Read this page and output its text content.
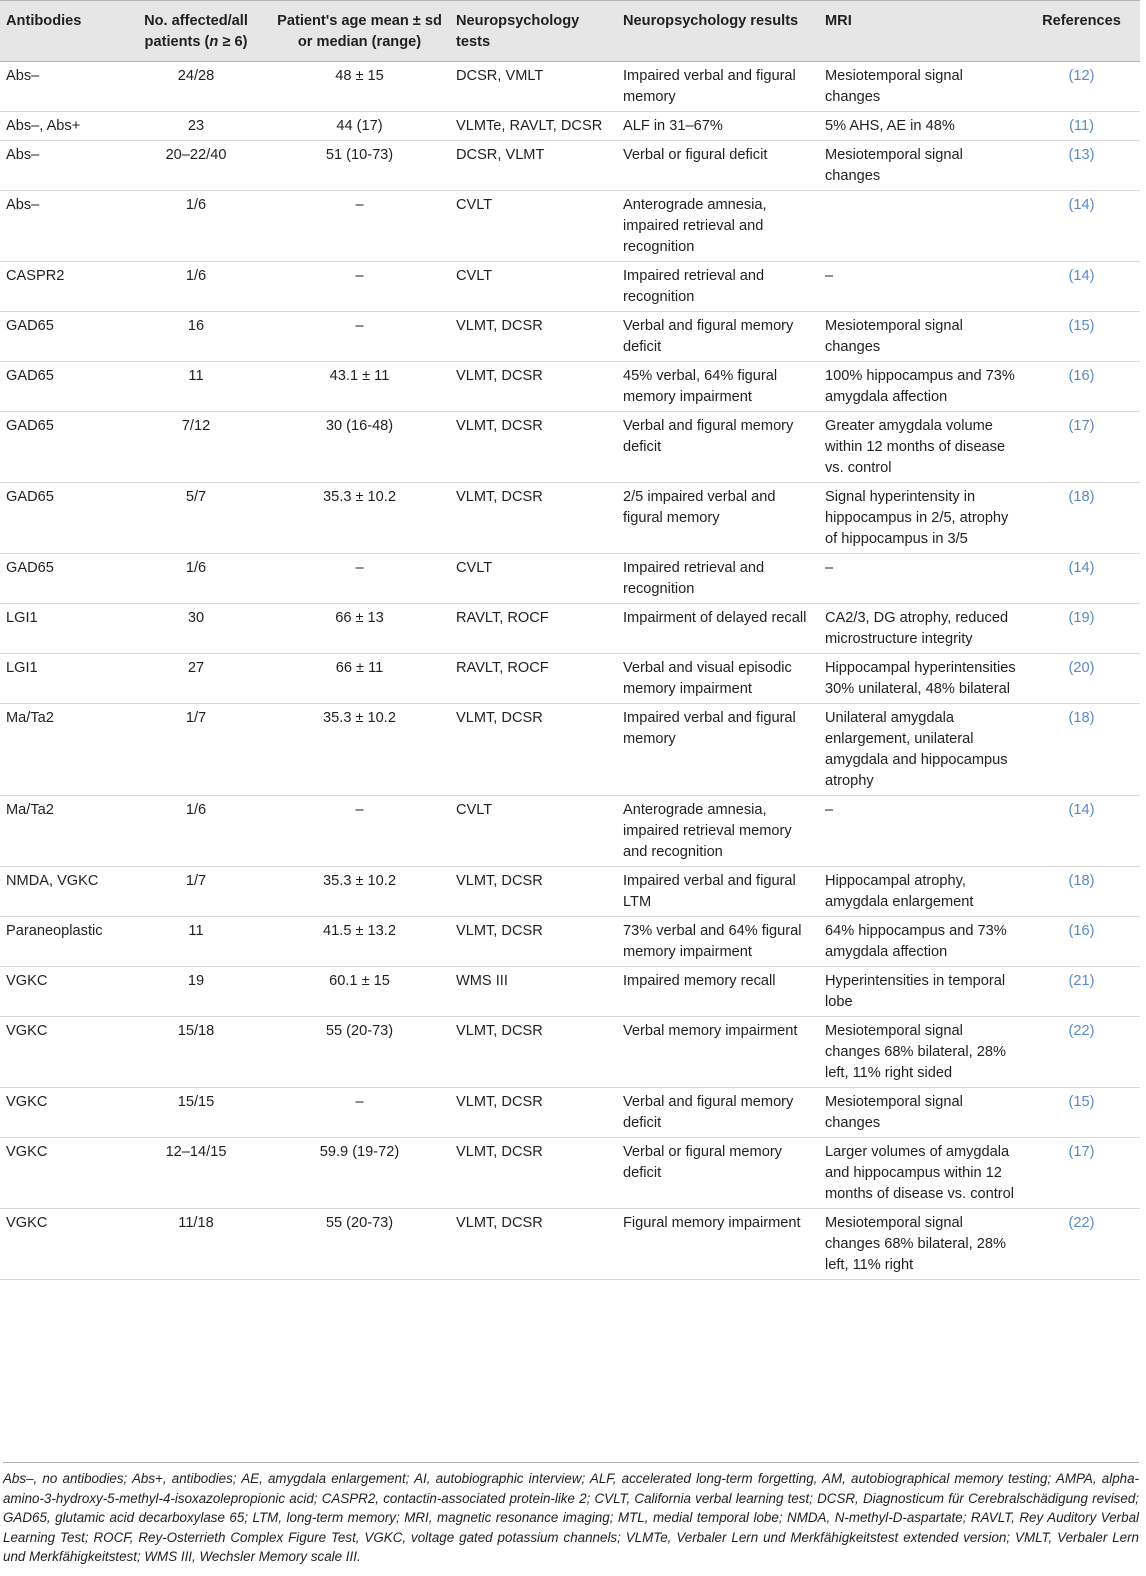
Antibodies	No. affected/all patients (n ≥ 6)	Patient's age mean ± sd or median (range)	Neuropsychology tests	Neuropsychology results	MRI	References
Abs–	24/28	48 ± 15	DCSR, VMLT	Impaired verbal and figural memory	Mesiotemporal signal changes	(12)
Abs–, Abs+	23	44 (17)	VLMTe, RAVLT, DCSR	ALF in 31–67%	5% AHS, AE in 48%	(11)
Abs–	20–22/40	51 (10-73)	DCSR, VLMT	Verbal or figural deficit	Mesiotemporal signal changes	(13)
Abs–	1/6	–	CVLT	Anterograde amnesia, impaired retrieval and recognition		(14)
CASPR2	1/6	–	CVLT	Impaired retrieval and recognition	–	(14)
GAD65	16	–	VLMT, DCSR	Verbal and figural memory deficit	Mesiotemporal signal changes	(15)
GAD65	11	43.1 ± 11	VLMT, DCSR	45% verbal, 64% figural memory impairment	100% hippocampus and 73% amygdala affection	(16)
GAD65	7/12	30 (16-48)	VLMT, DCSR	Verbal and figural memory deficit	Greater amygdala volume within 12 months of disease vs. control	(17)
GAD65	5/7	35.3 ± 10.2	VLMT, DCSR	2/5 impaired verbal and figural memory	Signal hyperintensity in hippocampus in 2/5, atrophy of hippocampus in 3/5	(18)
GAD65	1/6	–	CVLT	Impaired retrieval and recognition	–	(14)
LGI1	30	66 ± 13	RAVLT, ROCF	Impairment of delayed recall	CA2/3, DG atrophy, reduced microstructure integrity	(19)
LGI1	27	66 ± 11	RAVLT, ROCF	Verbal and visual episodic memory impairment	Hippocampal hyperintensities 30% unilateral, 48% bilateral	(20)
Ma/Ta2	1/7	35.3 ± 10.2	VLMT, DCSR	Impaired verbal and figural memory	Unilateral amygdala enlargement, unilateral amygdala and hippocampus atrophy	(18)
Ma/Ta2	1/6	–	CVLT	Anterograde amnesia, impaired retrieval memory and recognition	–	(14)
NMDA, VGKC	1/7	35.3 ± 10.2	VLMT, DCSR	Impaired verbal and figural LTM	Hippocampal atrophy, amygdala enlargement	(18)
Paraneoplastic	11	41.5 ± 13.2	VLMT, DCSR	73% verbal and 64% figural memory impairment	64% hippocampus and 73% amygdala affection	(16)
VGKC	19	60.1 ± 15	WMS III	Impaired memory recall	Hyperintensities in temporal lobe	(21)
VGKC	15/18	55 (20-73)	VLMT, DCSR	Verbal memory impairment	Mesiotemporal signal changes 68% bilateral, 28% left, 11% right sided	(22)
VGKC	15/15	–	VLMT, DCSR	Verbal and figural memory deficit	Mesiotemporal signal changes	(15)
VGKC	12–14/15	59.9 (19-72)	VLMT, DCSR	Verbal or figural memory deficit	Larger volumes of amygdala and hippocampus within 12 months of disease vs. control	(17)
VGKC	11/18	55 (20-73)	VLMT, DCSR	Figural memory impairment	Mesiotemporal signal changes 68% bilateral, 28% left, 11% right	(22)
Abs–, no antibodies; Abs+, antibodies; AE, amygdala enlargement; AI, autobiographic interview; ALF, accelerated long-term forgetting, AM, autobiographical memory testing; AMPA, alpha-amino-3-hydroxy-5-methyl-4-isoxazolepropionic acid; CASPR2, contactin-associated protein-like 2; CVLT, California verbal learning test; DCSR, Diagnosticum für Cerebralschädigung revised; GAD65, glutamic acid decarboxylase 65; LTM, long-term memory; MRI, magnetic resonance imaging; MTL, medial temporal lobe; NMDA, N-methyl-D-aspartate; RAVLT, Rey Auditory Verbal Learning Test; ROCF, Rey-Osterrieth Complex Figure Test, VGKC, voltage gated potassium channels; VLMTe, Verbaler Lern und Merkfähigkeitstest extended version; VMLT, Verbaler Lern und Merkfähigkeitstest; WMS III, Wechsler Memory scale III.
